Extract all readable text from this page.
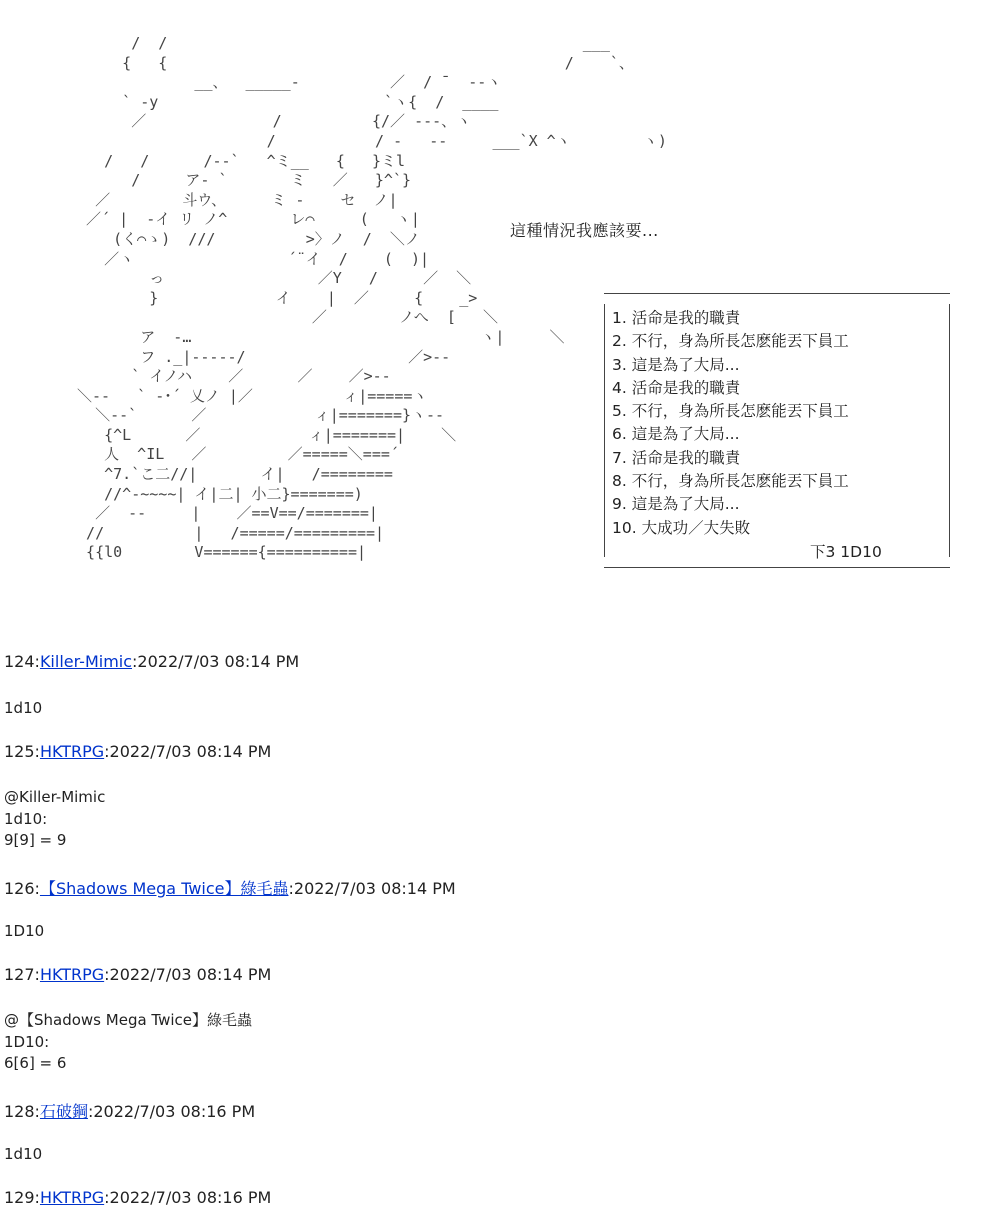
/  /                                              ___
{   {                                            /    `、
__、  _____-          ／  / ̄   ‐‐ヽ
` ‐y                         `ヽ{  /  ____
／              /          {/／ ‐‐‐、ヽ
/           / ‐   ‐‐     ___`X ^ヽ        ヽ)
/   /      /‐‐`   ^ミ__   {   }ミl
/     ア‐ `       ミ   ／   }^`}
／        斗ウ、     ミ ‐    セ  ノ|
／´ |  ‐イ リ ノ^       レ⌒     (   ヽ|
(く⌒ゝ)  ///          >〉ノ  /  ＼ノ
／ヽ                 ´¨イ  /    (  )|
っ                 ／Y   /     ／  ＼
}             イ    |  ／     {    _>
／        ノへ  [   ＼
ア  ‐…                                ヽ|     ＼
フ ._|‐‐‐‐‐/                  ／>‐‐
` イノハ    ／      ／    ／>‐-
＼‐‐   ` ‐･´ 乂ノ |／          ィ|=====ヽ
＼‐‐`      ／            ィ|=======}ヽ‐‐
{^L      ／            ィ|=======|    ＼
人  ^IL   ／         ／=====＼===´
^7.`こ二//|       イ|   /========
//^‐~~~~| イ|二| 小二}=======)
／  ‐‐     |    ／==V==/=======|
//          |   /=====/=========|
{{l0        V======{==========|
這種情況我應該要...
1. 活命是我的職責
2. 不行，身為所長怎麽能丟下員工
3. 這是為了大局...
4. 活命是我的職責
5. 不行，身為所長怎麽能丟下員工
6. 這是為了大局...
7. 活命是我的職責
8. 不行，身為所長怎麽能丟下員工
9. 這是為了大局...
10. 大成功／大失敗
下3 1D10
124:Killer-Mimic:2022/7/03 08:14 PM
1d10
125:HKTRPG:2022/7/03 08:14 PM
@Killer-Mimic
1d10:
9[9] = 9
126:【Shadows Mega Twice】綠毛蟲:2022/7/03 08:14 PM
1D10
127:HKTRPG:2022/7/03 08:14 PM
@【Shadows Mega Twice】綠毛蟲
1D10:
6[6] = 6
128:石破鋼:2022/7/03 08:16 PM
1d10
129:HKTRPG:2022/7/03 08:16 PM
